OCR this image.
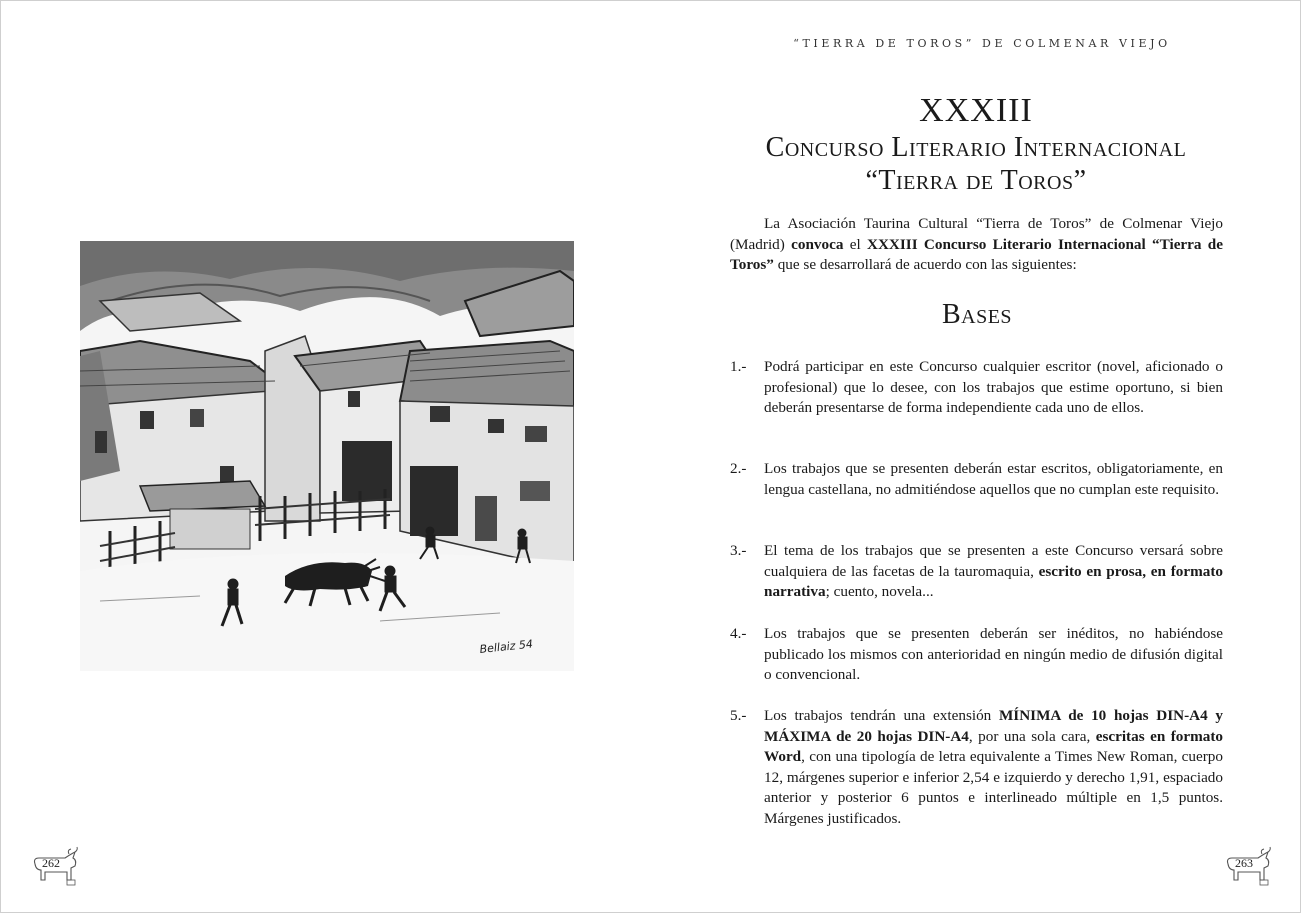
Bellaiz 54
262
“TIERRA DE TOROS” DE COLMENAR VIEJO
XXXIII
Concurso Literario Internacional
“Tierra de Toros”

La Asociación Taurina Cultural “Tierra de Toros” de Colmenar Viejo (Madrid) convoca el XXXIII Concurso Literario Internacional “Tierra de Toros” que se desarrollará de acuerdo con las siguientes:

Bases
1.- Podrá participar en este Concurso cualquier escritor (novel, aficionado o profesional) que lo desee, con los trabajos que estime oportuno, si bien deberán presentarse de forma independiente cada uno de ellos.
2.- Los trabajos que se presenten deberán estar escritos, obligatoriamente, en lengua castellana, no admitiéndose aquellos que no cumplan este requisito.
3.- El tema de los trabajos que se presenten a este Concurso versará sobre cualquiera de las facetas de la tauromaquia, escrito en prosa, en formato narrativa; cuento, novela...
4.- Los trabajos que se presenten deberán ser inéditos, no habiéndose publicado los mismos con anterioridad en ningún medio de difusión digital o convencional.
5.- Los trabajos tendrán una extensión MÍNIMA de 10 hojas DIN-A4 y MÁXIMA de 20 hojas DIN-A4, por una sola cara, escritas en formato Word, con una tipología de letra equivalente a Times New Roman, cuerpo 12, márgenes superior e inferior 2,54 e izquierdo y derecho 1,91, espaciado anterior y posterior 6 puntos e interlineado múltiple en 1,5 puntos. Márgenes justificados.
263
